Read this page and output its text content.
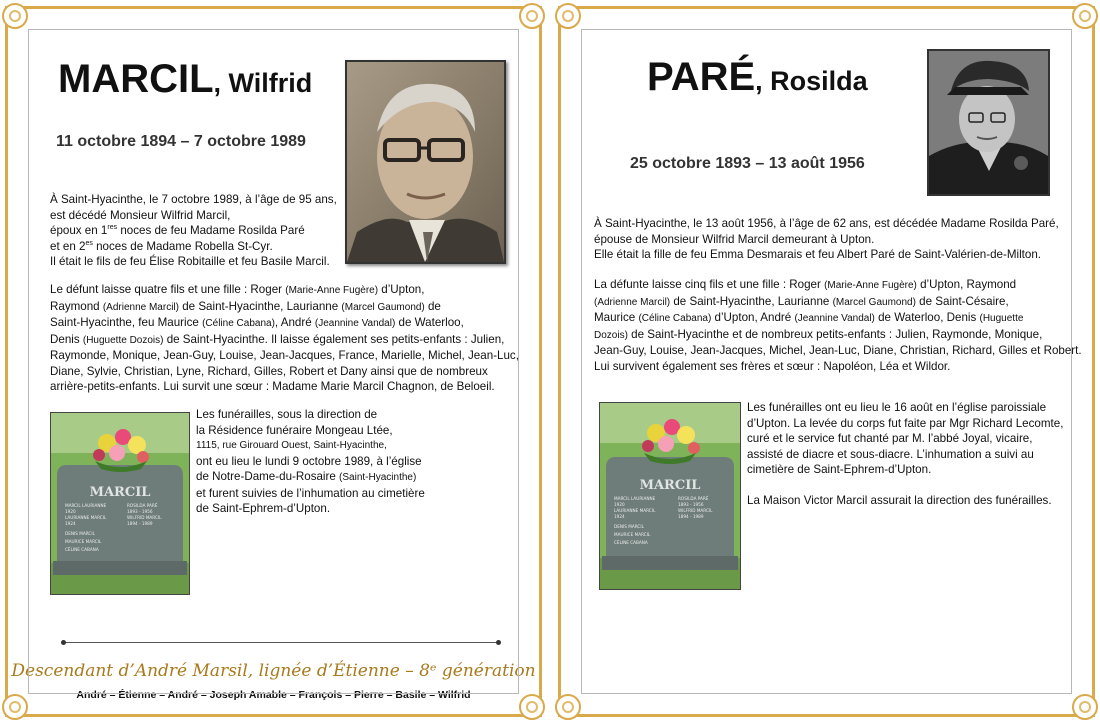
MARCIL, Wilfrid
11 octobre 1894 – 7 octobre 1989

À Saint-Hyacinthe, le 7 octobre 1989, à l’âge de 95 ans,

est décédé Monsieur Wilfrid Marcil,

époux en 1res noces de feu Madame Rosilda Paré

et en $2^{es}$ noces de Madame Robella St-Cyr.

Il était le fils de feu Élise Robitaille et feu Basile Marcil.

Le défunt laisse quatre fils et une fille : Roger (Marie-Anne Fugère) d’Upton,

Raymond (Adrienne Marcil) de Saint-Hyacinthe, Laurianne (Marcel Gaumond) de

Saint-Hyacinthe, feu Maurice (Céline Cabana), André (Jeannine Vandal) de Waterloo,

Denis (Huguette Dozois) de Saint-Hyacinthe. Il laisse également ses petits-enfants : Julien,

Raymonde, Monique, Jean-Guy, Louise, Jean-Jacques, France, Marielle, Michel, Jean-Luc,

Diane, Sylvie, Christian, Lyne, Richard, Gilles, Robert et Dany ainsi que de nombreux

arrière-petits-enfants. Lui survit une sœur : Madame Marie Marcil Chagnon, de Beloeil.

MARCIL
MARCIL LAURIANNE
1920
LAURIANNE MARCIL
1924
ROSILDA PARÉ
1893 - 1956
WILFRID MARCIL
1894 - 1989
DENIS MARCIL
MAURICE MARCIL
CÉLINE CABANA

Les funérailles, sous la direction de

la Résidence funéraire Mongeau Ltée,

1115, rue Girouard Ouest, Saint-Hyacinthe,

ont eu lieu le lundi 9 octobre 1989, à l’église

de Notre-Dame-du-Rosaire (Saint-Hyacinthe)

et furent suivies de l’inhumation au cimetière

de Saint-Ephrem-d’Upton.

Descendant d’André Marsil, lignée d’Étienne – 8ᵉ génération
André – Étienne – André – Joseph Amable – François – Pierre – Basile – Wilfrid
PARÉ, Rosilda
25 octobre 1893 – 13 août 1956

À Saint-Hyacinthe, le 13 août 1956, à l’âge de 62 ans, est décédée Madame Rosilda Paré,

épouse de Monsieur Wilfrid Marcil demeurant à Upton.

Elle était la fille de feu Emma Desmarais et feu Albert Paré de Saint-Valérien-de-Milton.

La défunte laisse cinq fils et une fille : Roger (Marie-Anne Fugère) d’Upton, Raymond

(Adrienne Marcil) de Saint-Hyacinthe, Laurianne (Marcel Gaumond) de Saint-Césaire,

Maurice (Céline Cabana) d’Upton, André (Jeannine Vandal) de Waterloo, Denis (Huguette

Dozois) de Saint-Hyacinthe et de nombreux petits-enfants : Julien, Raymonde, Monique,

Jean-Guy, Louise, Jean-Jacques, Michel, Jean-Luc, Diane, Christian, Richard, Gilles et Robert.

Lui survivent également ses frères et sœur : Napoléon, Léa et Wildor.

MARCIL
MARCIL LAURIANNE
1920
LAURIANNE MARCIL
1924
ROSILDA PARÉ
1893 - 1956
WILFRID MARCIL
1894 - 1989
DENIS MARCIL
MAURICE MARCIL
CÉLINE CABANA

Les funérailles ont eu lieu le 16 août en l’église paroissiale

d’Upton. La levée du corps fut faite par Mgr Richard Lecomte,

curé et le service fut chanté par M. l’abbé Joyal, vicaire,

assisté de diacre et sous-diacre. L’inhumation a suivi au

cimetière de Saint-Ephrem-d’Upton.

La Maison Victor Marcil assurait la direction des funérailles.
